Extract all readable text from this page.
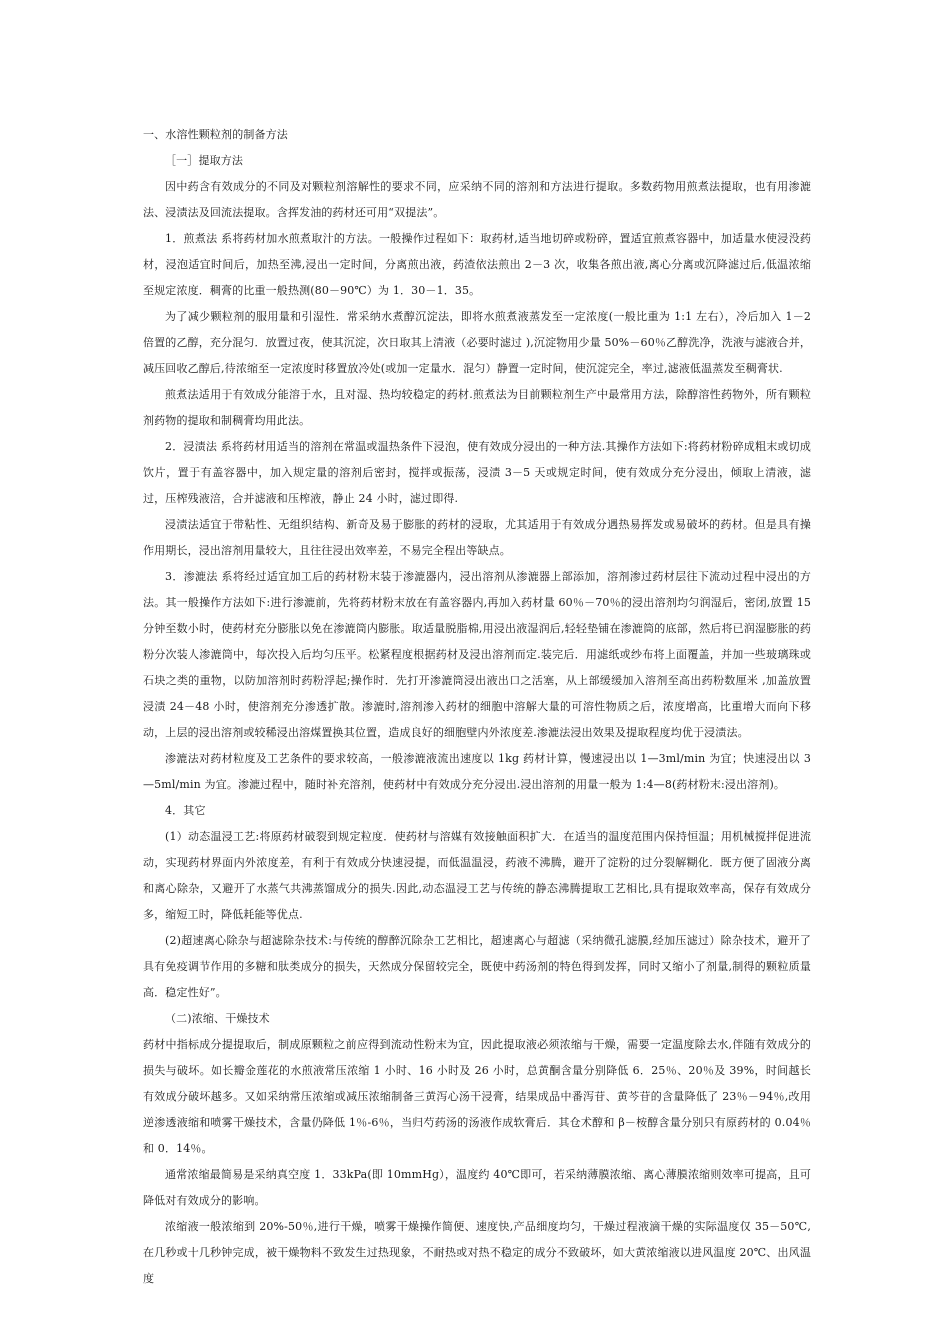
一、水溶性颗粒剂的制备方法

［一］提取方法

因中药含有效成分的不同及对颗粒剂溶解性的要求不同，应采纳不同的溶剂和方法进行提取。多数药物用煎煮法提取，也有用渗漉法、浸渍法及回流法提取。含挥发油的药材还可用“双提法”。

1．煎煮法 系将药材加水煎煮取汁的方法。一般操作过程如下：取药材,适当地切碎或粉碎，置适宜煎煮容器中，加适量水使浸没药材，浸泡适宜时间后，加热至沸,浸出一定时间，分离煎出液，药渣依法煎出 2－3 次，收集各煎出液,离心分离或沉降滤过后,低温浓缩至规定浓度．稠膏的比重一般热测(80－90℃）为 1．30－1．35。

为了减少颗粒剂的服用量和引湿性．常采纳水煮醇沉淀法，即将水煎煮液蒸发至一定浓度(一般比重为 1:1 左右），冷后加入 1－2 倍置的乙醇，充分混匀．放置过夜，使其沉淀，次日取其上清液（必要时滤过 ),沉淀物用少量 50%－60％乙醇洗净，洗液与滤液合并，减压回收乙醇后,待浓缩至一定浓度时移置放冷处(或加一定量水．混匀）静置一定时间，使沉淀完全，率过,滤液低温蒸发至稠膏状.

煎煮法适用于有效成分能溶于水，且对湿、热均较稳定的药材.煎煮法为目前颗粒剂生产中最常用方法，除醇溶性药物外，所有颗粒剂药物的提取和制稠膏均用此法。

2．浸渍法 系将药材用适当的溶剂在常温或温热条件下浸泡，使有效成分浸出的一种方法.其操作方法如下:将药材粉碎成粗末或切成饮片，置于有盖容器中，加入规定量的溶剂后密封，搅拌或振荡，浸渍 3－5 天或规定时间，使有效成分充分浸出，倾取上清液，滤过，压榨残液涪，合并滤液和压榨液，静止 24 小时，滤过即得.

浸渍法适宜于带粘性、无组织结构、新奇及易于膨胀的药材的浸取，尤其适用于有效成分遇热易挥发或易破坏的药材。但是具有操作用期长，浸出溶剂用量较大，且往往浸出效率差，不易完全程出等缺点。

3．渗漉法 系将经过适宜加工后的药材粉末装于渗漉器内，浸出溶剂从渗漉器上部添加，溶剂渗过药材层往下流动过程中浸出的方法。其一般操作方法如下:进行渗漉前，先将药材粉末放在有盖容器内,再加入药材量 60％－70％的浸出溶剂均匀润湿后，密闭,放置 15 分钟至数小时，使药材充分膨胀以免在渗漉筒内膨胀。取适量脱脂棉,用浸出液湿润后,轻轻垫铺在渗漉筒的底部，然后将已润湿膨胀的药粉分次装人渗漉筒中，每次投入后均匀压平。松紧程度根据药材及浸出溶剂而定.装完后．用滤纸或纱布将上面覆盖，并加一些玻璃珠或石块之类的重物，以防加溶剂时药粉浮起;操作时．先打开渗漉筒浸出液出口之活塞，从上部缓缓加入溶剂至高出药粉数厘米 ,加盖放置浸渍 24－48 小时，使溶剂充分渗透扩散。渗漉时,溶剂渗入药材的细胞中溶解大量的可溶性物质之后，浓度增高，比重增大而向下移动，上层的浸出溶剂或较稀浸出溶煤置换其位置，造成良好的细胞壁内外浓度差.渗漉法浸出效果及提取程度均优于浸渍法。

渗漉法对药材粒度及工艺条件的要求较高，一般渗漉液流出速度以 1kg 药材计算，慢速浸出以 1—3ml/min 为宜；快速浸出以 3—5ml/min 为宜。渗漉过程中，随时补充溶剂，使药材中有效成分充分浸出.浸出溶剂的用量一般为 1:4—8(药材粉末:浸出溶剂)。

4．其它

(1）动态温浸工艺:将原药材破裂到规定粒度．使药材与溶媒有效接触面积扩大．在适当的温度范围内保持恒温；用机械搅拌促进流动，实现药材界面内外浓度差，有利于有效成分快速浸提，而低温温浸，药液不沸腾，避开了淀粉的过分裂解糊化．既方便了固液分离和离心除杂，又避开了水蒸气共沸蒸馏成分的损失.因此,动态温浸工艺与传统的静态沸腾提取工艺相比,具有提取效率高，保存有效成分多，缩短工时，降低耗能等优点.

(2)超速离心除杂与超滤除杂技术:与传统的醇醉沉除杂工艺相比，超速离心与超滤（采纳微孔滤膜,经加压滤过）除杂技术，避开了具有免疫调节作用的多糖和肽类成分的损失，天然成分保留较完全，既使中药汤剂的特色得到发挥，同时又缩小了剂量,制得的颗粒质量高．稳定性好”。

（二)浓缩、干燥技术

药材中指标成分提提取后，制成原颗粒之前应得到流动性粉末为宜，因此提取液必须浓缩与干燥，需要一定温度除去水,伴随有效成分的损失与破坏。如长瓣金莲花的水煎液常压浓缩 1 小时、16 小时及 26 小时，总黄酮含量分别降低 6．25％、20％及 39%，时间越长有效成分破坏越多。又如采纳常压浓缩或减压浓缩制备三黄泻心汤干浸膏，结果成品中番泻苷、黄芩苷的含量降低了 23％－94％,改用逆渗透液缩和喷雾干燥技术，含量仍降低 1％-6％，当归芍药汤的汤液作成软膏后．其仓术醇和 β－桉醇含量分别只有原药材的 0.04％和 0．14％。

通常浓缩最简易是采纳真空度 1．33kPa(即 10mmHg），温度约 40℃即可，若采纳薄膜浓缩、离心薄膜浓缩则效率可提高，且可降低对有效成分的影响。

浓缩液一般浓缩到 20%-50％,进行干燥，喷雾干燥操作简便、速度快,产品细度均匀，干燥过程液滴干燥的实际温度仅 35－50℃,在几秒或十几秒钟完成，被干燥物料不致发生过热现象，不耐热或对热不稳定的成分不致破坏，如大黄浓缩液以进风温度 20℃、出风温度
